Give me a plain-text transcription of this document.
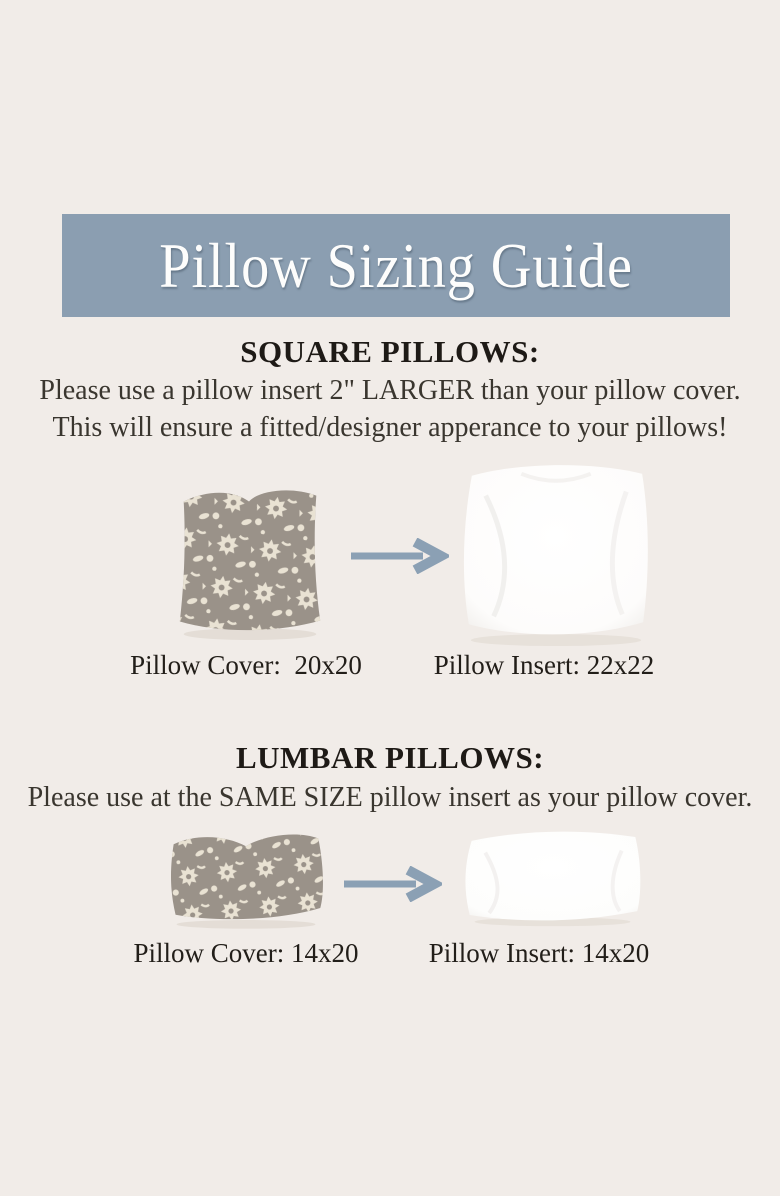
Pillow Sizing Guide
SQUARE PILLOWS:
Please use a pillow insert 2" LARGER than your pillow cover.
This will ensure a fitted/designer apperance to your pillows!
Pillow Cover:  20x20	Pillow Insert: 22x22
LUMBAR PILLOWS:
Please use at the SAME SIZE pillow insert as your pillow cover.
Pillow Cover: 14x20	Pillow Insert: 14x20
